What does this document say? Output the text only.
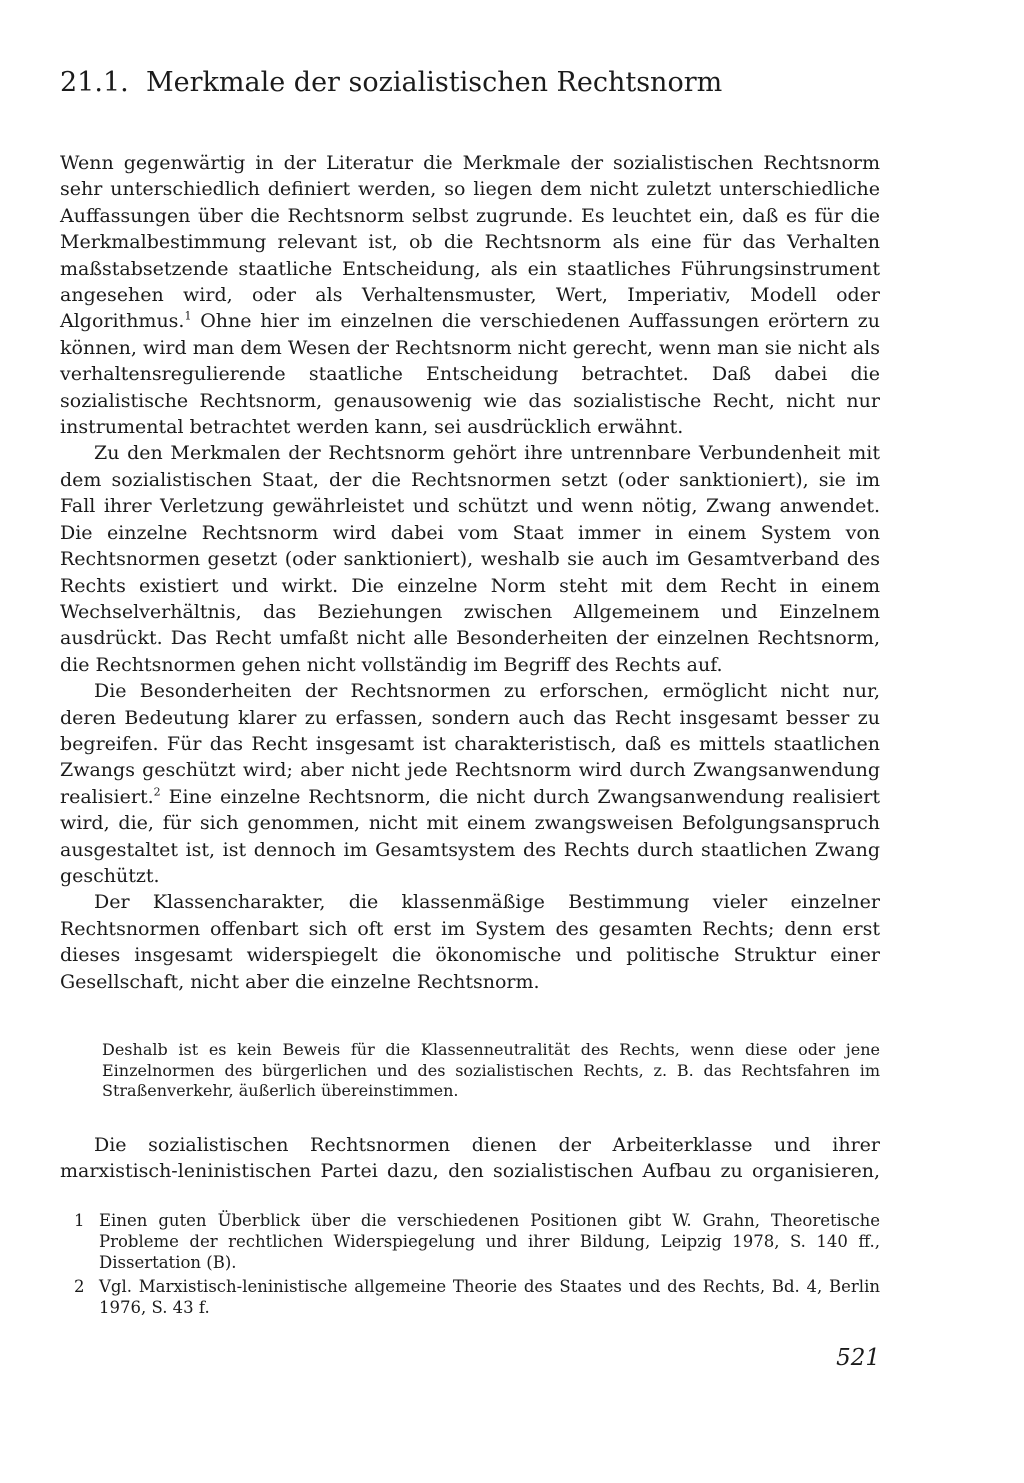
21.1. Merkmale der sozialistischen Rechtsnorm

Wenn gegenwärtig in der Literatur die Merkmale der sozialistischen Rechtsnorm sehr unterschiedlich definiert werden, so liegen dem nicht zuletzt unterschiedliche Auffassungen über die Rechtsnorm selbst zugrunde. Es leuchtet ein, daß es für die Merkmalbestimmung relevant ist, ob die Rechtsnorm als eine für das Verhalten maßstabsetzende staatliche Entscheidung, als ein staatliches Führungsinstrument angesehen wird, oder als Verhaltensmuster, Wert, Imperiativ, Modell oder Algorithmus.$^1$ Ohne hier im einzelnen die verschiedenen Auffassungen erörtern zu können, wird man dem Wesen der Rechtsnorm nicht gerecht, wenn man sie nicht als verhaltensregulierende staatliche Entscheidung betrachtet. Daß dabei die sozialistische Rechtsnorm, genausowenig wie das sozialistische Recht, nicht nur instrumental betrachtet werden kann, sei ausdrücklich erwähnt.

Zu den Merkmalen der Rechtsnorm gehört ihre untrennbare Verbundenheit mit dem sozialistischen Staat, der die Rechtsnormen setzt (oder sanktioniert), sie im Fall ihrer Verletzung gewährleistet und schützt und wenn nötig, Zwang anwendet. Die einzelne Rechtsnorm wird dabei vom Staat immer in einem System von Rechtsnormen gesetzt (oder sanktioniert), weshalb sie auch im Gesamtverband des Rechts existiert und wirkt. Die einzelne Norm steht mit dem Recht in einem Wechselverhältnis, das Beziehungen zwischen Allgemeinem und Einzelnem ausdrückt. Das Recht umfaßt nicht alle Besonderheiten der einzelnen Rechtsnorm, die Rechtsnormen gehen nicht vollständig im Begriff des Rechts auf.

Die Besonderheiten der Rechtsnormen zu erforschen, ermöglicht nicht nur, deren Bedeutung klarer zu erfassen, sondern auch das Recht insgesamt besser zu begreifen. Für das Recht insgesamt ist charakteristisch, daß es mittels staatlichen Zwangs geschützt wird; aber nicht jede Rechtsnorm wird durch Zwangsanwendung realisiert.$^2$ Eine einzelne Rechtsnorm, die nicht durch Zwangsanwendung realisiert wird, die, für sich genommen, nicht mit einem zwangsweisen Befolgungsanspruch ausgestaltet ist, ist dennoch im Gesamtsystem des Rechts durch staatlichen Zwang geschützt.

Der Klassencharakter, die klassenmäßige Bestimmung vieler einzelner Rechtsnormen offenbart sich oft erst im System des gesamten Rechts; denn erst dieses insgesamt widerspiegelt die ökonomische und politische Struktur einer Gesellschaft, nicht aber die einzelne Rechtsnorm.

Deshalb ist es kein Beweis für die Klassenneutralität des Rechts, wenn diese oder jene Einzelnormen des bürgerlichen und des sozialistischen Rechts, z. B. das Rechtsfahren im Straßenverkehr, äußerlich übereinstimmen.

Die sozialistischen Rechtsnormen dienen der Arbeiterklasse und ihrer marxistisch-leninistischen Partei dazu, den sozialistischen Aufbau zu organisieren,

1 Einen guten Überblick über die verschiedenen Positionen gibt W. Grahn, Theoretische Probleme der rechtlichen Widerspiegelung und ihrer Bildung, Leipzig 1978, S. 140 ff., Dissertation (B).

2 Vgl. Marxistisch-leninistische allgemeine Theorie des Staates und des Rechts, Bd. 4, Berlin 1976, S. 43 f.

521
